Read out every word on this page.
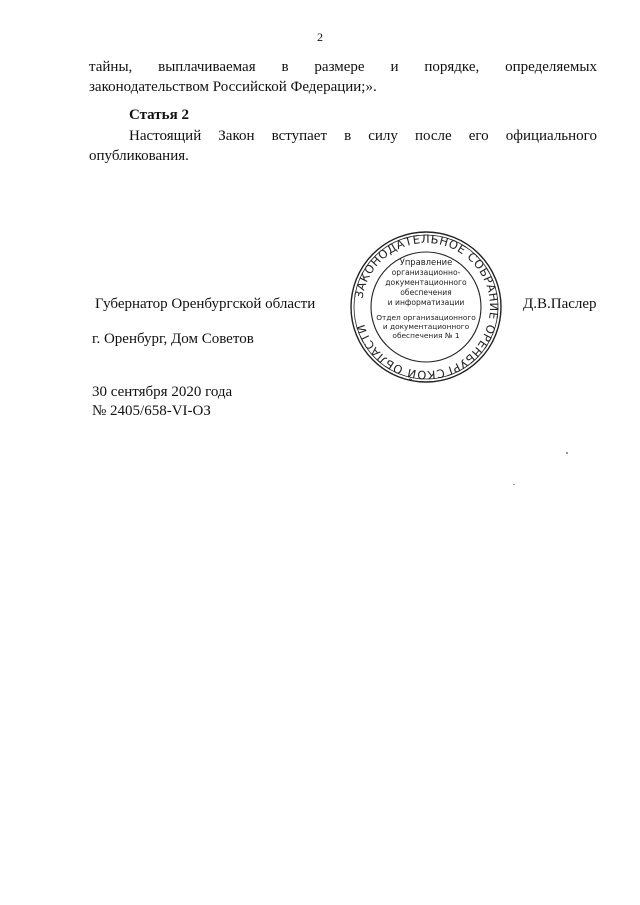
2
тайны, выплачиваемая в размере и порядке, определяемых
законодательством Российской Федерации;».
Статья 2
Настоящий Закон вступает в силу после его официального
опубликования.
Губернатор Оренбургской области	Д.В.Паслер
г. Оренбург, Дом Советов
30 сентября 2020 года
№ 2405/658-VI-ОЗ
ЗАКОНОДАТЕЛЬНОЕ СОБРАНИЕ ОРЕНБУРГСКОЙ ОБЛАСТИ
Управление
организационно-
документационного
обеспечения
и информатизации
Отдел организационного
и документационного
обеспечения № 1
